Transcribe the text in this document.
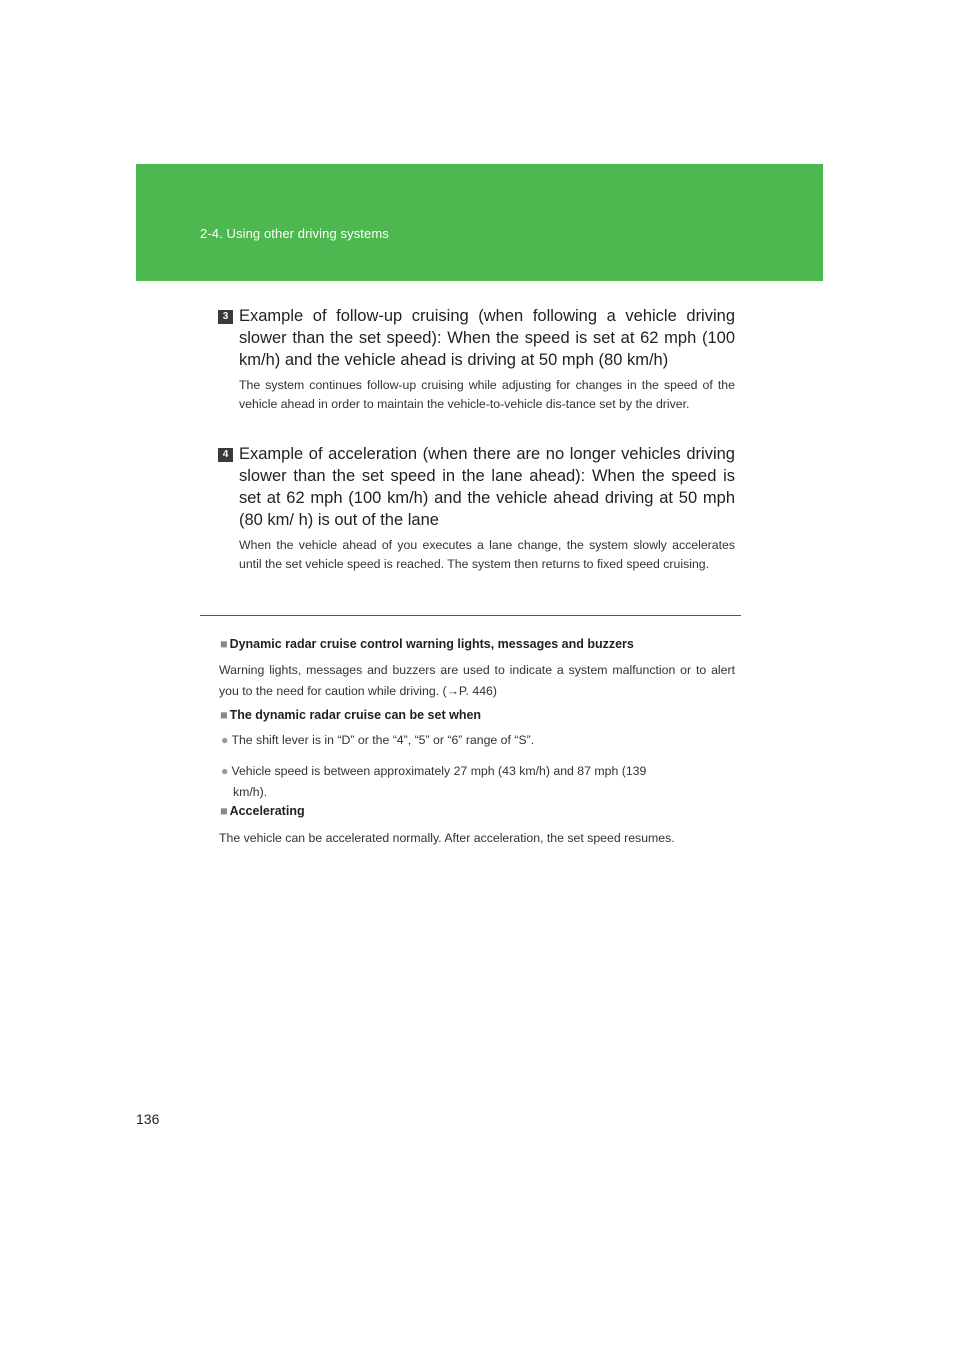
2-4. Using other driving systems
3 Example of follow-up cruising (when following a vehicle driving slower than the set speed): When the speed is set at 62 mph (100 km/h) and the vehicle ahead is driving at 50 mph (80 km/h)
The system continues follow-up cruising while adjusting for changes in the speed of the vehicle ahead in order to maintain the vehicle-to-vehicle dis-tance set by the driver.
4 Example of acceleration (when there are no longer vehicles driving slower than the set speed in the lane ahead): When the speed is set at 62 mph (100 km/h) and the vehicle ahead driving at 50 mph (80 km/ h) is out of the lane
When the vehicle ahead of you executes a lane change, the system slowly accelerates until the set vehicle speed is reached. The system then returns to fixed speed cruising.
■ Dynamic radar cruise control warning lights, messages and buzzers
Warning lights, messages and buzzers are used to indicate a system malfunction or to alert you to the need for caution while driving. (→P. 446)
■ The dynamic radar cruise can be set when
● The shift lever is in “D” or the “4”, “5” or “6” range of “S”.
● Vehicle speed is between approximately 27 mph (43 km/h) and 87 mph (139
km/h).
■ Accelerating
The vehicle can be accelerated normally. After acceleration, the set speed resumes.
136
